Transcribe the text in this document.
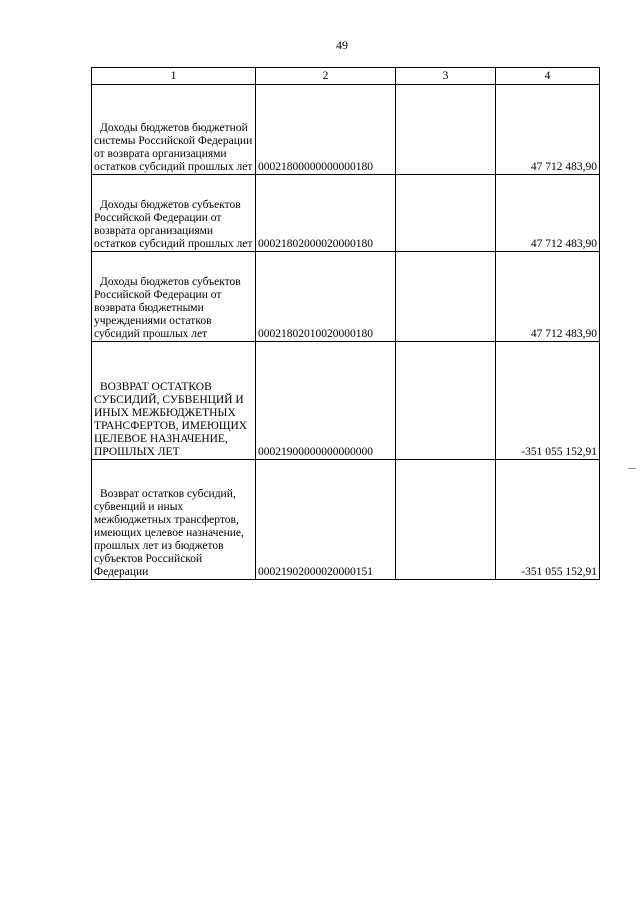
49
1	2	3	4
Доходы бюджетов бюджетной системы Российской Федерации от возврата организациями остатков субсидий прошлых лет	00021800000000000180		47 712 483,90
Доходы бюджетов субъектов Российской Федерации от возврата организациями остатков субсидий прошлых лет	00021802000020000180		47 712 483,90
Доходы бюджетов субъектов Российской Федерации от возврата бюджетными учреждениями остатков субсидий прошлых лет	00021802010020000180		47 712 483,90
ВОЗВРАТ ОСТАТКОВ СУБСИДИЙ, СУБВЕНЦИЙ И ИНЫХ МЕЖБЮДЖЕТНЫХ ТРАНСФЕРТОВ, ИМЕЮЩИХ ЦЕЛЕВОЕ НАЗНАЧЕНИЕ, ПРОШЛЫХ ЛЕТ	00021900000000000000		-351 055 152,91
Возврат остатков субсидий, субвенций и иных межбюджетных трансфертов, имеющих целевое назначение, прошлых лет из бюджетов субъектов Российской Федерации	00021902000020000151		-351 055 152,91
